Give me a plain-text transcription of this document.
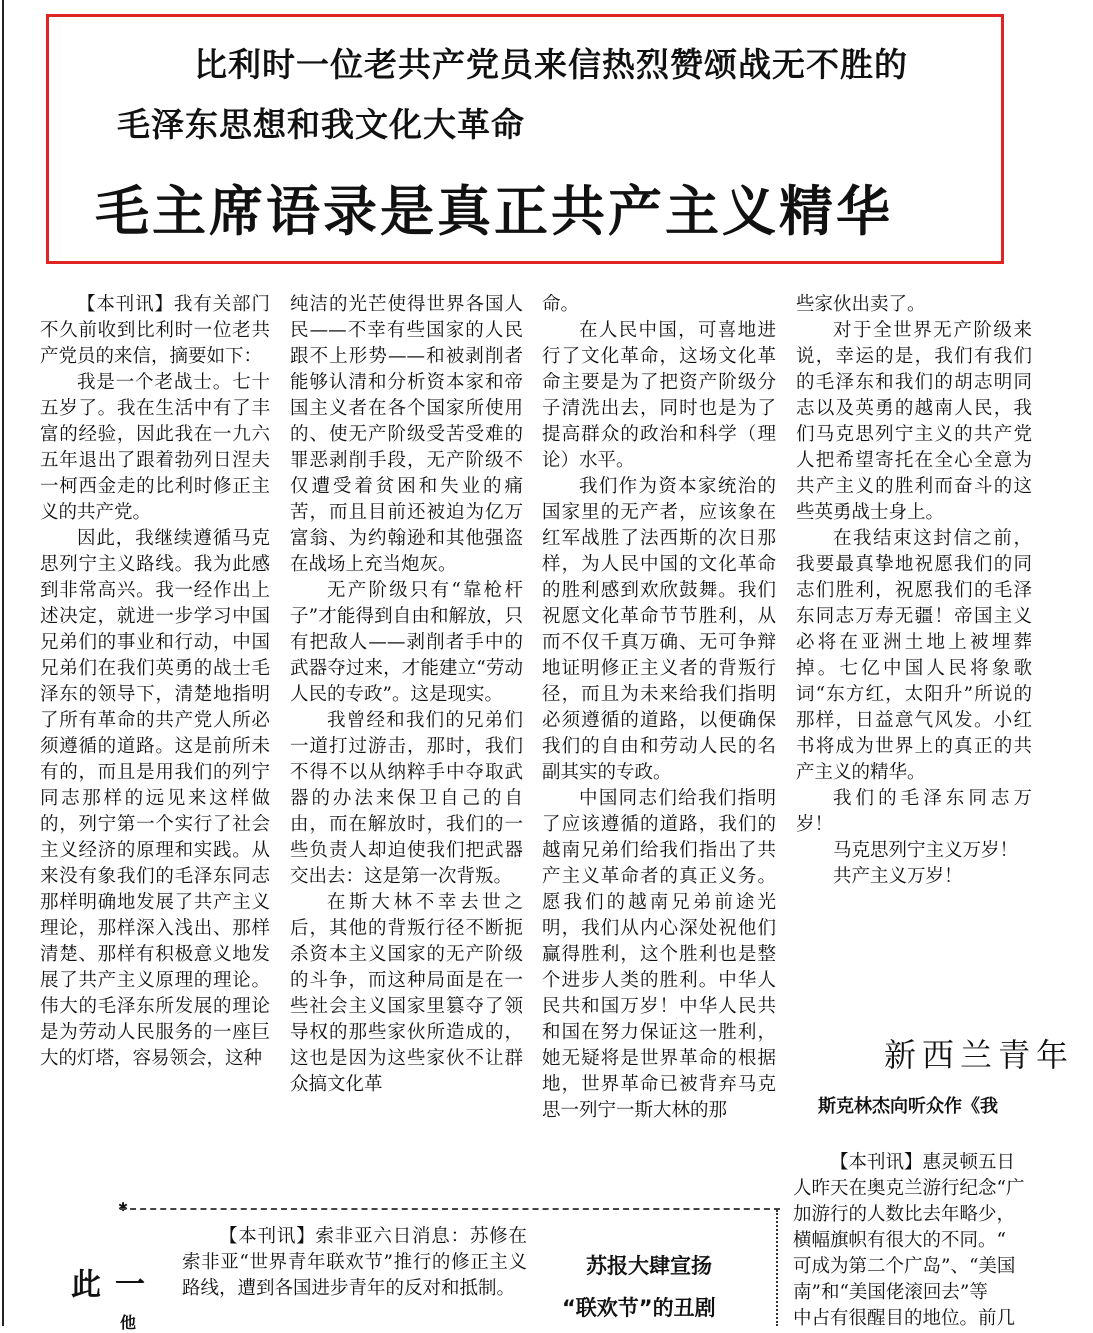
比利时一位老共产党员来信热烈赞颂战无不胜的
毛泽东思想和我文化大革命
毛主席语录是真正共产主义精华

【本刊讯】我有关部门不久前收到比利时一位老共产党员的来信，摘要如下：

我是一个老战士。七十五岁了。我在生活中有了丰富的经验，因此我在一九六五年退出了跟着勃列日涅夫一柯西金走的比利时修正主义的共产党。

因此，我继续遵循马克思列宁主义路线。我为此感到非常高兴。我一经作出上述决定，就进一步学习中国兄弟们的事业和行动，中国兄弟们在我们英勇的战士毛泽东的领导下，清楚地指明了所有革命的共产党人所必须遵循的道路。这是前所未有的，而且是用我们的列宁同志那样的远见来这样做的，列宁第一个实行了社会主义经济的原理和实践。从来没有象我们的毛泽东同志那样明确地发展了共产主义理论，那样深入浅出、那样清楚、那样有积极意义地发展了共产主义原理的理论。伟大的毛泽东所发展的理论是为劳动人民服务的一座巨大的灯塔，容易领会，这种

纯洁的光芒使得世界各国人民——不幸有些国家的人民跟不上形势——和被剥削者能够认清和分析资本家和帝国主义者在各个国家所使用的、使无产阶级受苦受难的罪恶剥削手段，无产阶级不仅遭受着贫困和失业的痛苦，而且目前还被迫为亿万富翁、为约翰逊和其他强盗在战场上充当炮灰。

无产阶级只有“靠枪杆子”才能得到自由和解放，只有把敌人——剥削者手中的武器夺过来，才能建立“劳动人民的专政”。这是现实。

我曾经和我们的兄弟们一道打过游击，那时，我们不得不以从纳粹手中夺取武器的办法来保卫自己的自由，而在解放时，我们的一些负责人却迫使我们把武器交出去：这是第一次背叛。

在斯大林不幸去世之后，其他的背叛行径不断扼杀资本主义国家的无产阶级的斗争，而这种局面是在一些社会主义国家里篡夺了领导权的那些家伙所造成的，这也是因为这些家伙不让群众搞文化革

命。

在人民中国，可喜地进行了文化革命，这场文化革命主要是为了把资产阶级分子清洗出去，同时也是为了提高群众的政治和科学（理论）水平。

我们作为资本家统治的国家里的无产者，应该象在红军战胜了法西斯的次日那样，为人民中国的文化革命的胜利感到欢欣鼓舞。我们祝愿文化革命节节胜利，从而不仅千真万确、无可争辩地证明修正主义者的背叛行径，而且为未来给我们指明必须遵循的道路，以便确保我们的自由和劳动人民的名副其实的专政。

中国同志们给我们指明了应该遵循的道路，我们的越南兄弟们给我们指出了共产主义革命者的真正义务。愿我们的越南兄弟前途光明，我们从内心深处祝他们赢得胜利，这个胜利也是整个进步人类的胜利。中华人民共和国万岁！中华人民共和国在努力保证这一胜利，她无疑将是世界革命的根据地，世界革命已被背弃马克思一列宁一斯大林的那

些家伙出卖了。

对于全世界无产阶级来说，幸运的是，我们有我们的毛泽东和我们的胡志明同志以及英勇的越南人民，我们马克思列宁主义的共产党人把希望寄托在全心全意为共产主义的胜利而奋斗的这些英勇战士身上。

在我结束这封信之前，我要最真挚地祝愿我们的同志们胜利，祝愿我们的毛泽东同志万寿无疆！帝国主义必将在亚洲土地上被埋葬掉。七亿中国人民将象歌词“东方红，太阳升”所说的那样，日益意气风发。小红书将成为世界上的真正的共产主义的精华。

我们的毛泽东同志万岁！

马克思列宁主义万岁！

共产主义万岁！

新西兰青年
斯克林杰向听众作《我

【本刊讯】惠灵顿五日

人昨天在奥克兰游行纪念“广

加游行的人数比去年略少，

横幅旗帜有很大的不同。“

可成为第二个广岛”、“美国

南”和“美国佬滚回去”等

中占有很醒目的地位。前几

✱
一此
他

【本刊讯】索非亚六日消息：苏修在索非亚“世界青年联欢节”推行的修正主义路线，遭到各国进步青年的反对和抵制。

苏报大肆宣扬
“联欢节”的丑剧
